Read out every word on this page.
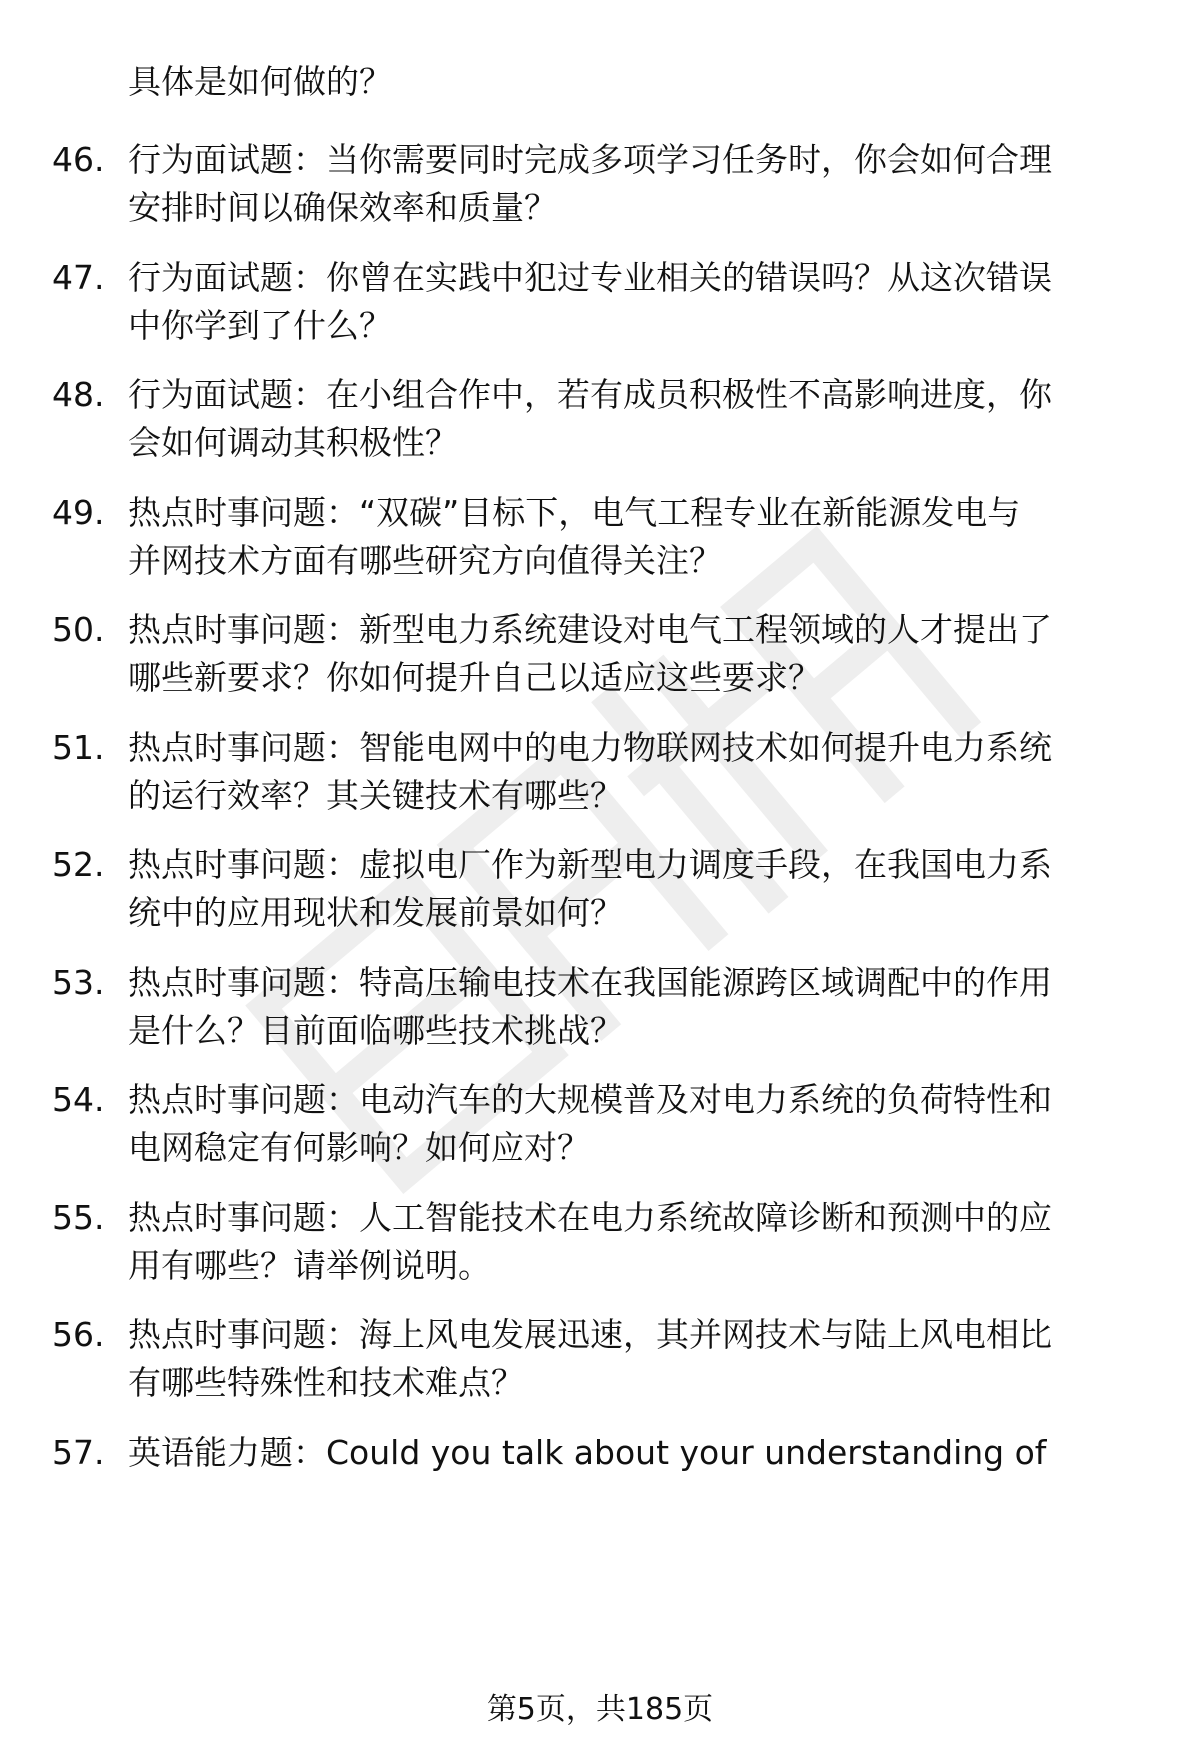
具体是如何做的？
46. 行为面试题：当你需要同时完成多项学习任务时，你会如何合理
安排时间以确保效率和质量？
47. 行为面试题：你曾在实践中犯过专业相关的错误吗？从这次错误
中你学到了什么？
48. 行为面试题：在小组合作中，若有成员积极性不高影响进度，你
会如何调动其积极性？
49. 热点时事问题：“双碳”目标下，电气工程专业在新能源发电与
并网技术方面有哪些研究方向值得关注？
50. 热点时事问题：新型电力系统建设对电气工程领域的人才提出了
哪些新要求？你如何提升自己以适应这些要求？
51. 热点时事问题：智能电网中的电力物联网技术如何提升电力系统
的运行效率？其关键技术有哪些？
52. 热点时事问题：虚拟电厂作为新型电力调度手段，在我国电力系
统中的应用现状和发展前景如何？
53. 热点时事问题：特高压输电技术在我国能源跨区域调配中的作用
是什么？目前面临哪些技术挑战？
54. 热点时事问题：电动汽车的大规模普及对电力系统的负荷特性和
电网稳定有何影响？如何应对？
55. 热点时事问题：人工智能技术在电力系统故障诊断和预测中的应
用有哪些？请举例说明。
56. 热点时事问题：海上风电发展迅速，其并网技术与陆上风电相比
有哪些特殊性和技术难点？
57. 英语能力题：Could you talk about your understanding of
第5页，共185页
